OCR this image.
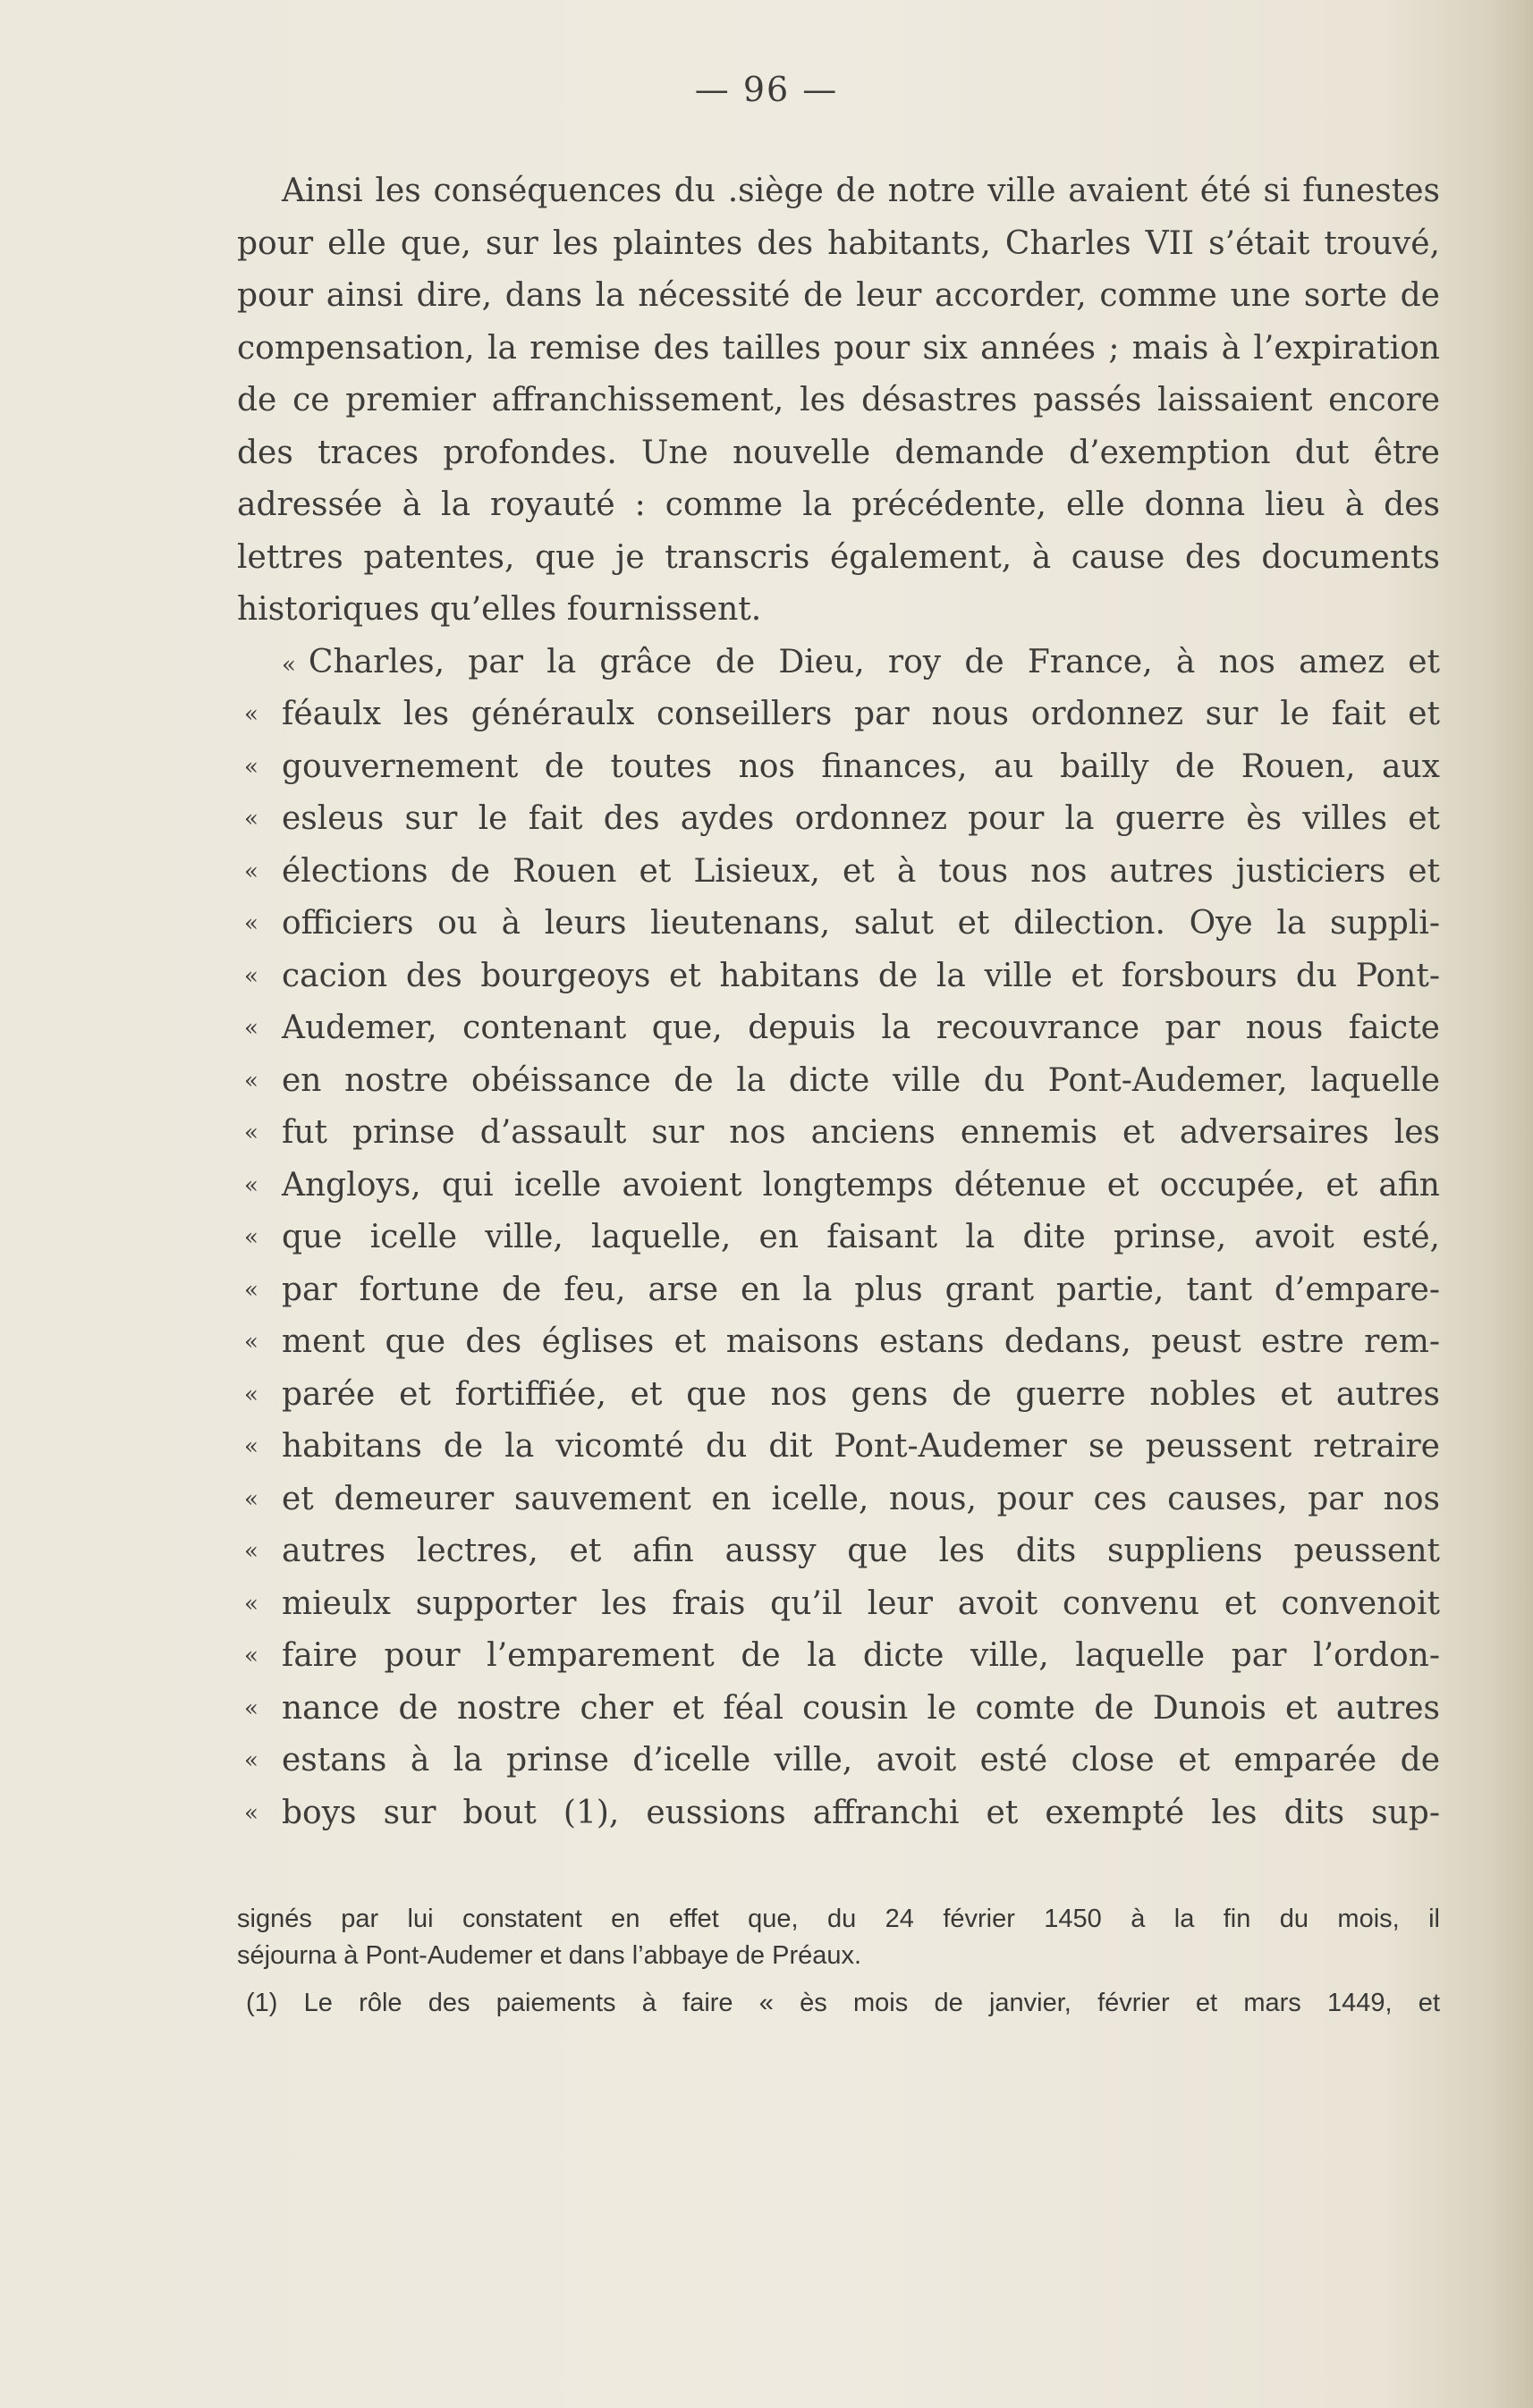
— 96 —

Ainsi les conséquences du .siège de notre ville avaient été si funestes pour elle que, sur les plaintes des habitants, Charles VII s’était trouvé, pour ainsi dire, dans la nécessité de leur accorder, comme une sorte de compensation, la remise des tailles pour six années ; mais à l’expiration de ce premier affranchissement, les désastres passés laissaient encore des traces profondes. Une nouvelle demande d’exemption dut être adressée à la royauté : comme la précédente, elle donna lieu à des lettres patentes, que je transcris également, à cause des documents historiques qu’elles fournissent.

« Charles, par la grâce de Dieu, roy de France, à nos amez et
« féaulx les généraulx conseillers par nous ordonnez sur le fait et
« gouvernement de toutes nos finances, au bailly de Rouen, aux
« esleus sur le fait des aydes ordonnez pour la guerre ès villes et
« élections de Rouen et Lisieux, et à tous nos autres justiciers et
« officiers ou à leurs lieutenans, salut et dilection. Oye la suppli-
« cacion des bourgeoys et habitans de la ville et forsbours du Pont-
« Audemer, contenant que, depuis la recouvrance par nous faicte
« en nostre obéissance de la dicte ville du Pont-Audemer, laquelle
« fut prinse d’assault sur nos anciens ennemis et adversaires les
« Angloys, qui icelle avoient longtemps détenue et occupée, et afin
« que icelle ville, laquelle, en faisant la dite prinse, avoit esté,
« par fortune de feu, arse en la plus grant partie, tant d’empare-
« ment que des églises et maisons estans dedans, peust estre rem-
« parée et fortiffiée, et que nos gens de guerre nobles et autres
« habitans de la vicomté du dit Pont-Audemer se peussent retraire
« et demeurer sauvement en icelle, nous, pour ces causes, par nos
« autres lectres, et afin aussy que les dits suppliens peussent
« mieulx supporter les frais qu’il leur avoit convenu et convenoit
« faire pour l’emparement de la dicte ville, laquelle par l’ordon-
« nance de nostre cher et féal cousin le comte de Dunois et autres
« estans à la prinse d’icelle ville, avoit esté close et emparée de
« boys sur bout (1), eussions affranchi et exempté les dits sup-

signés par lui constatent en effet que, du 24 février 1450 à la fin du mois, il

séjourna à Pont-Audemer et dans l’abbaye de Préaux.

(1) Le rôle des paiements à faire « ès mois de janvier, février et mars 1449, et
